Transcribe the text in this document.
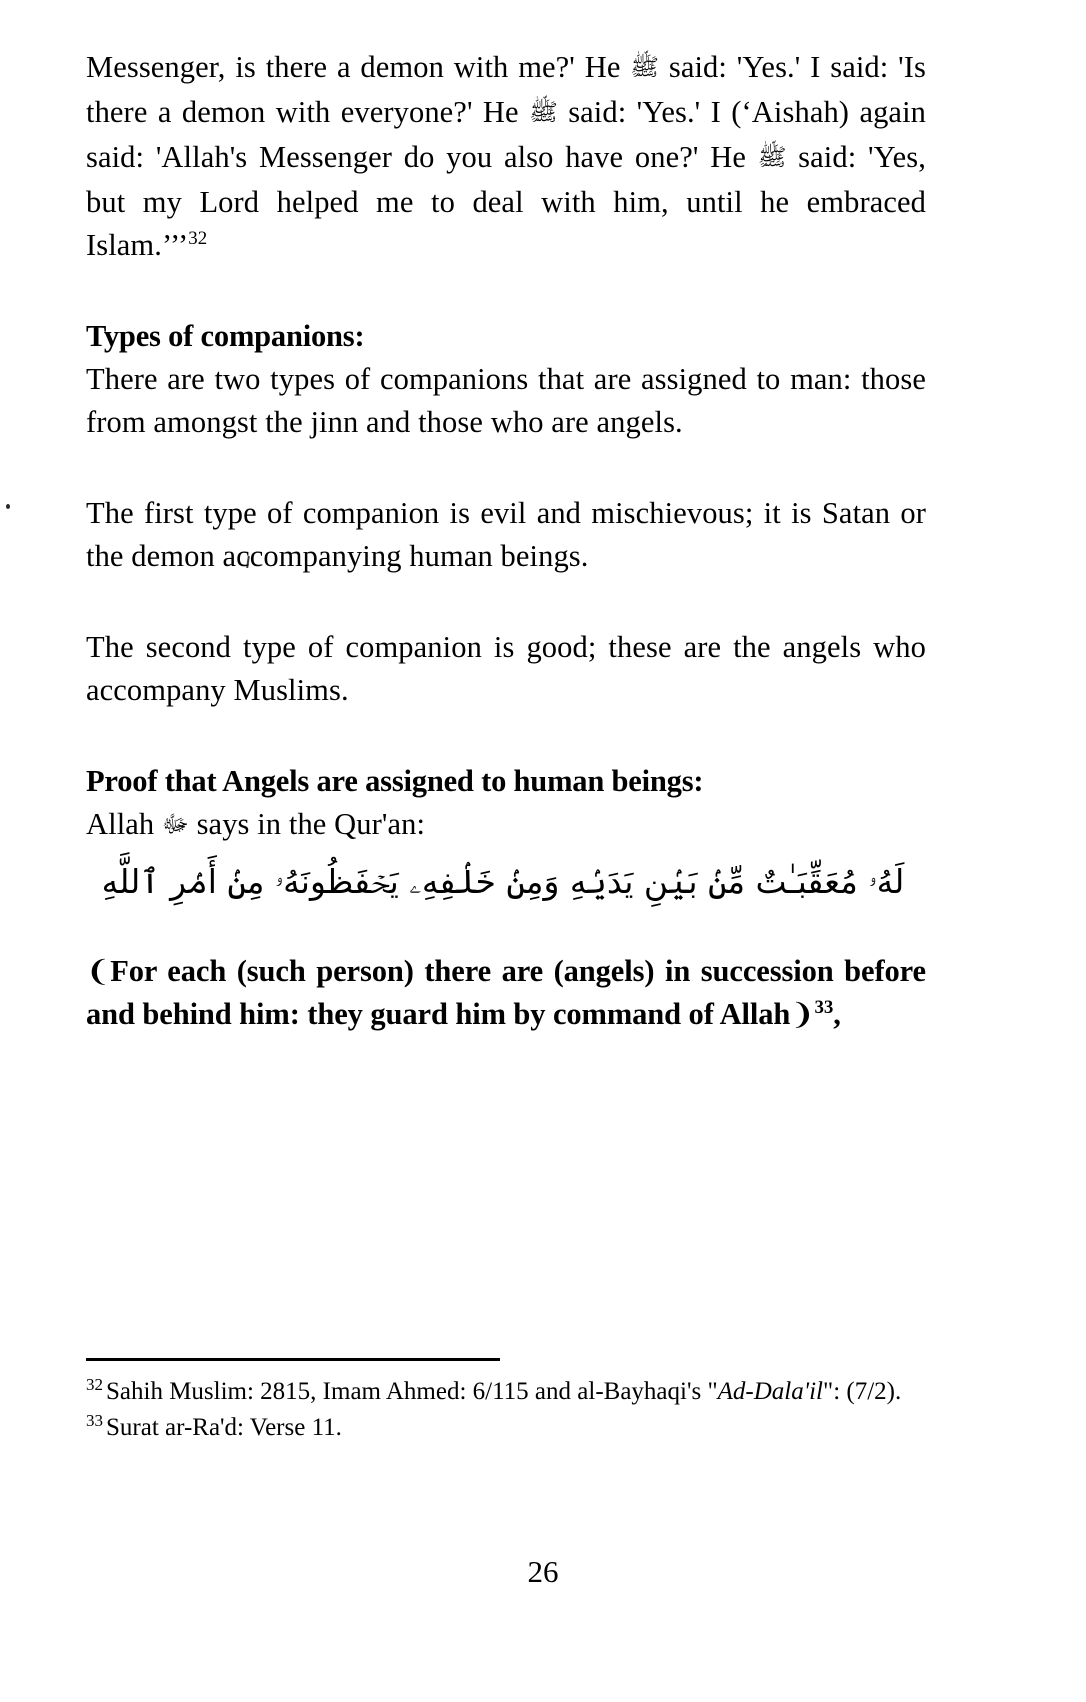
Messenger, is there a demon with me?' He ﷺ said: 'Yes.' I said: 'Is there a demon with everyone?' He ﷺ said: 'Yes.' I (‘Aishah) again said: 'Allah's Messenger do you also have one?' He ﷺ said: 'Yes, but my Lord helped me to deal with him, until he embraced Islam.’’’$^{32}$

Types of companions:

There are two types of companions that are assigned to man: those from amongst the jinn and those who are angels.

The first type of companion is evil and mischievous; it is Satan or the demon accompanying human beings.

The second type of companion is good; these are the angels who accompany Muslims.

Proof that Angels are assigned to human beings:

Allah ﷻ says in the Qur'an:

لَهُۥ مُعَقِّبَـٰتٌ مِّنۢ بَيۢنِ يَدَيۢهِ وَمِنۢ خَلۢفِهِۦ يَحۡفَظُونَهُۥ مِنۢ أَمۢرِ ٱللَّهِ

❨For each (such person) there are (angels) in succession before and behind him: they guard him by command of Allah❩$^{33}$,

$^{32}$ Sahih Muslim: 2815, Imam Ahmed: 6/115 and al-Bayhaqi's "Ad-Dala'il": (7/2).

$^{33}$ Surat ar-Ra'd: Verse 11.

26
